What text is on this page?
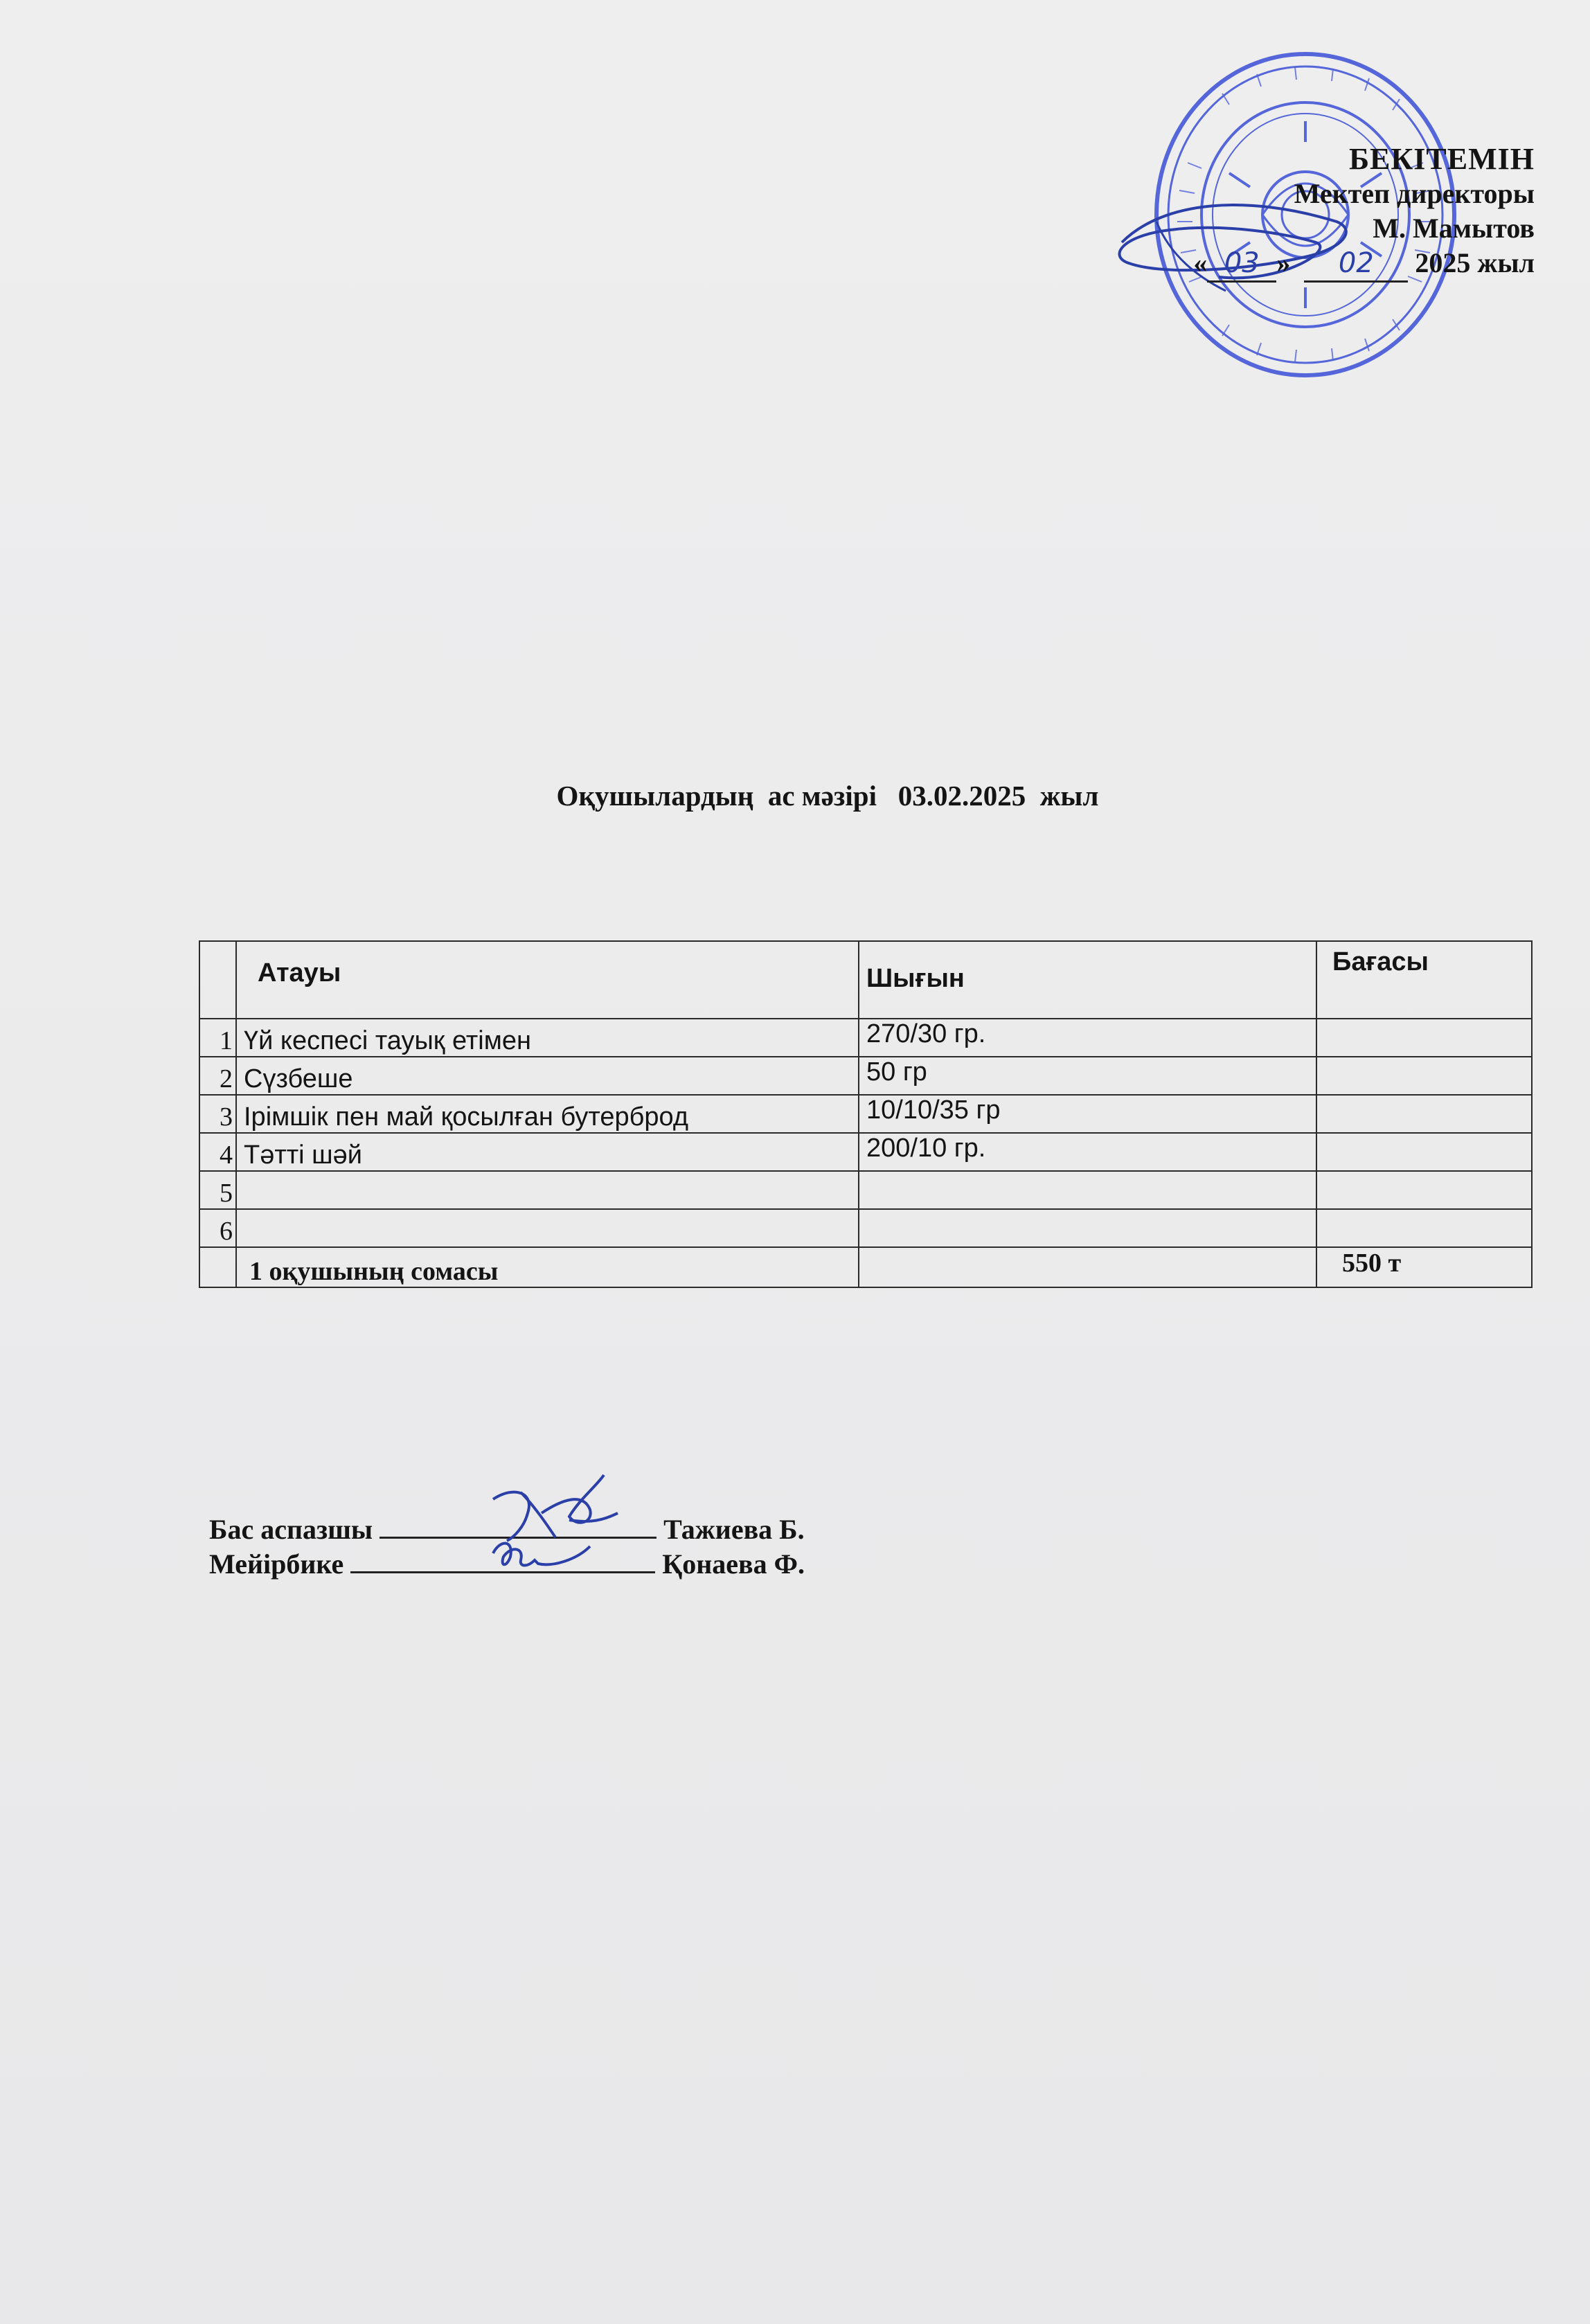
БЕКІТЕМІН
Мектеп директоры
М. Мамытов
« 03 » 02 2025 жыл
Оқушылардың  ас мәзірі   03.02.2025  жыл
	Атауы	Шығын	Бағасы
1	Үй кеспесі тауық етімен	270/30 гр.	
2	Сүзбеше	50 гр	
3	Ірімшік пен май қосылған бутерброд	10/10/35 гр	
4	Тәтті шәй	200/10 гр.	
5			
6			
	1 оқушының сомасы		550 т
Бас аспазшы	Тажиева Б.
Мейірбике	Қонаева Ф.
